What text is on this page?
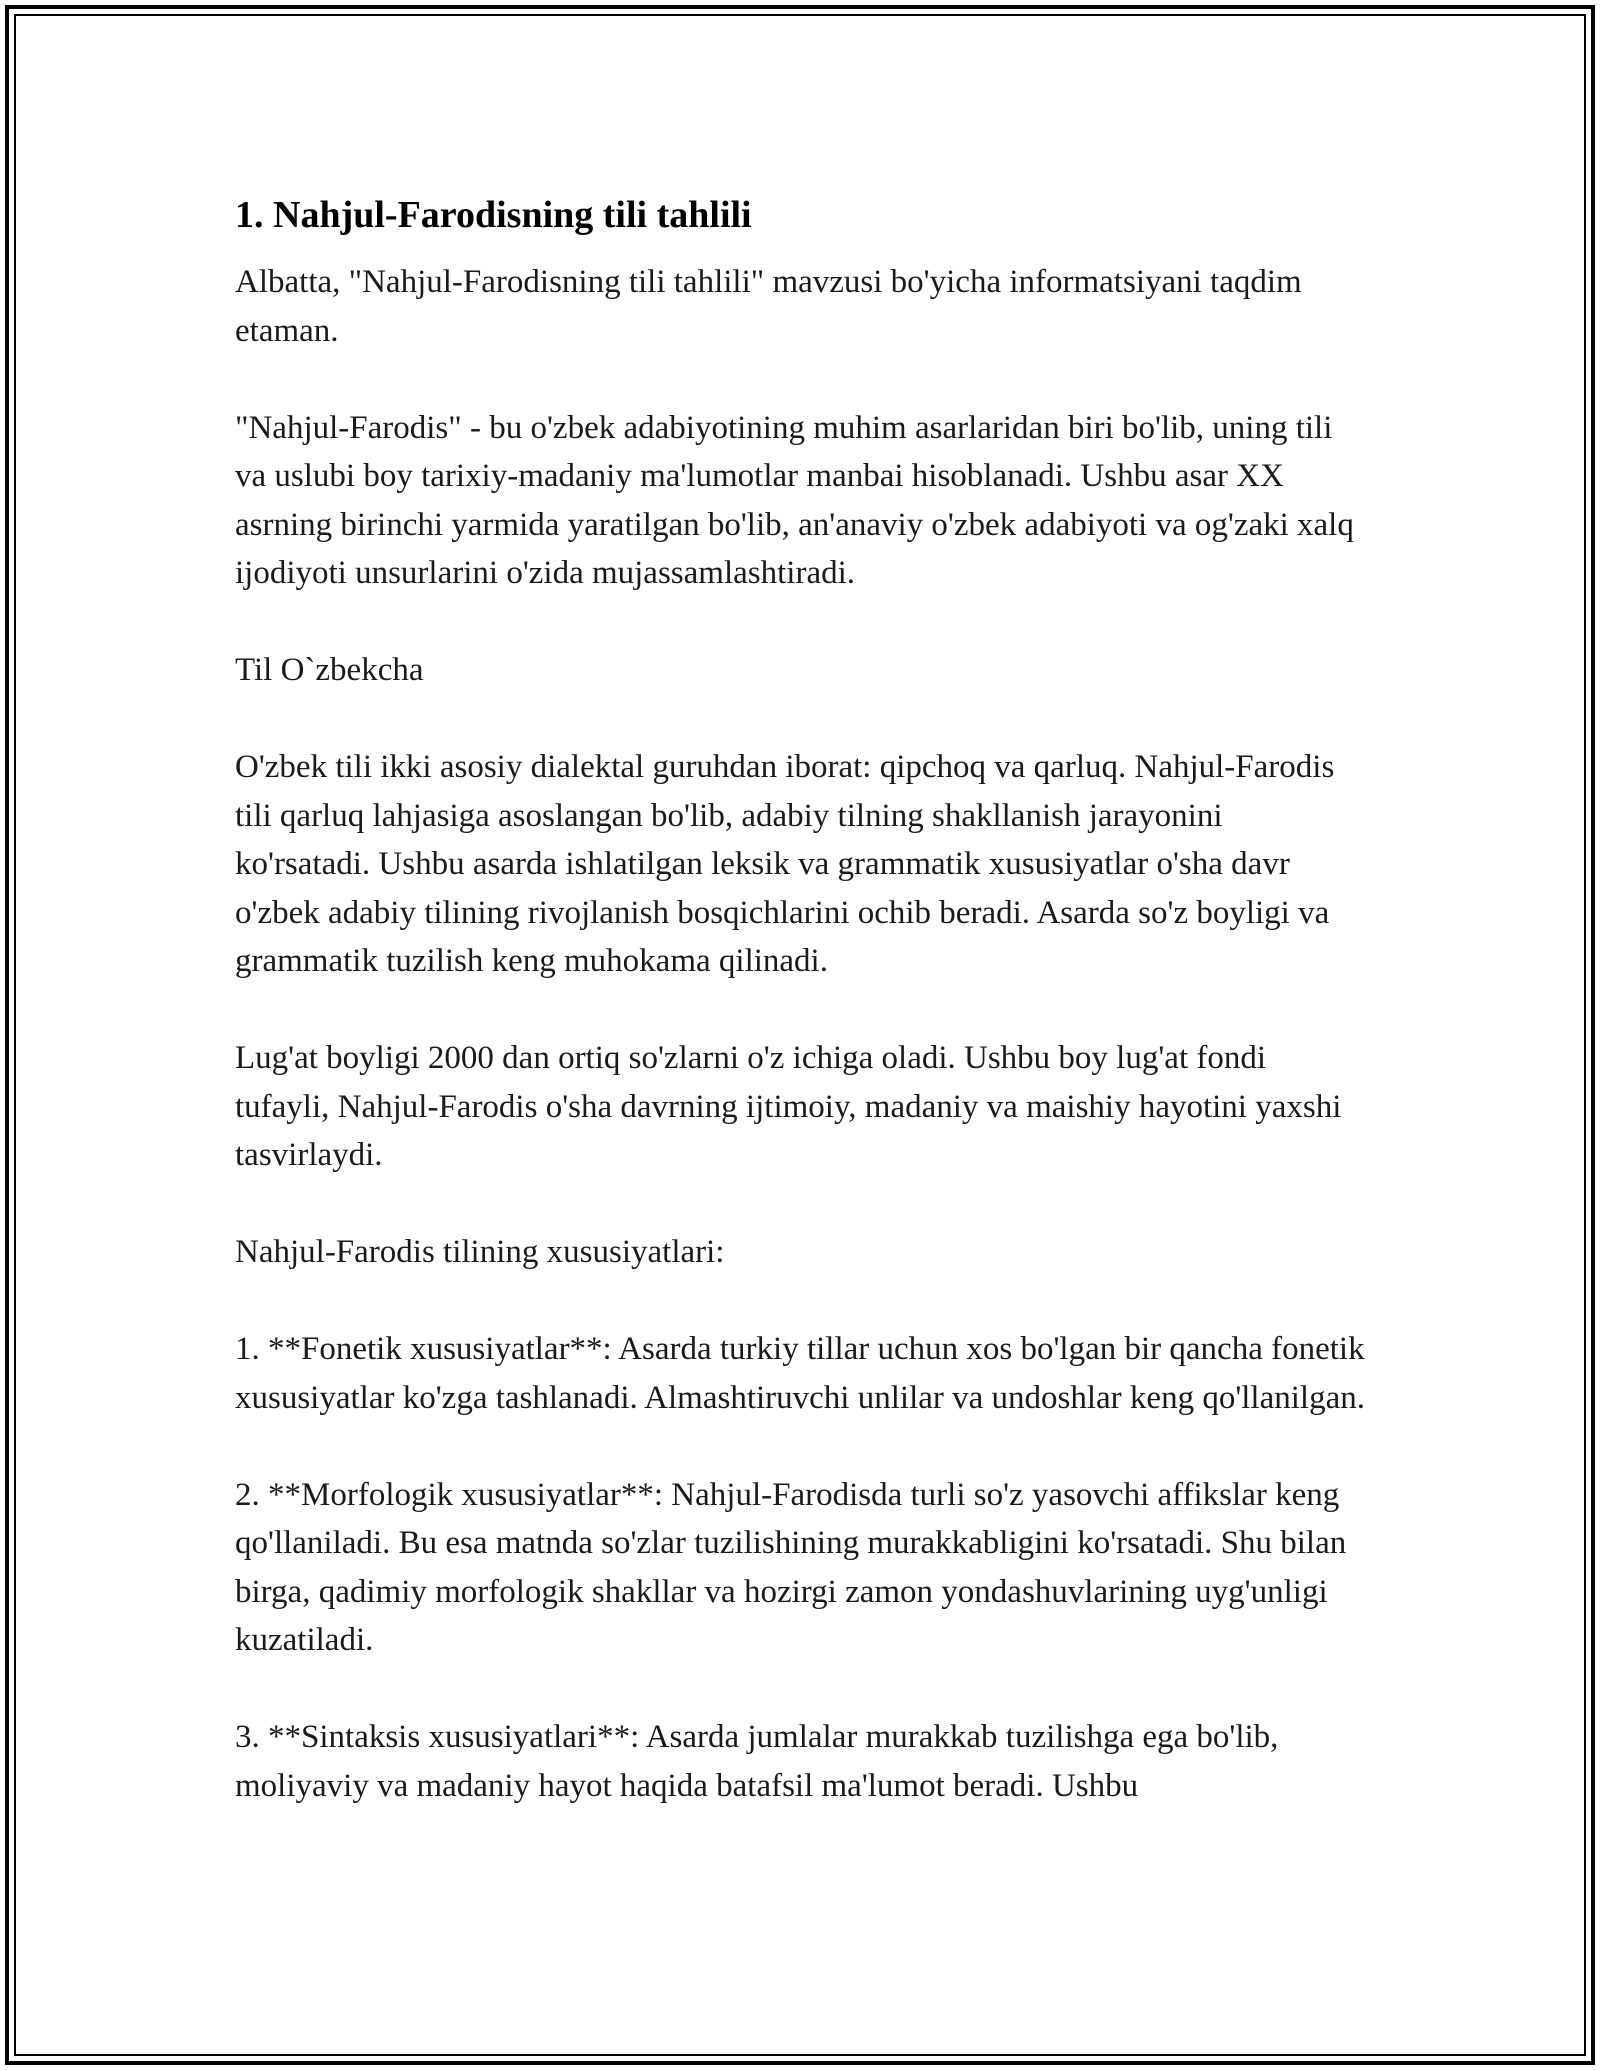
1. Nahjul-Farodisning tili tahlili

Albatta, "Nahjul-Farodisning tili tahlili" mavzusi bo'yicha informatsiyani taqdim etaman.

"Nahjul-Farodis" - bu o'zbek adabiyotining muhim asarlaridan biri bo'lib, uning tili va uslubi boy tarixiy-madaniy ma'lumotlar manbai hisoblanadi. Ushbu asar XX asrning birinchi yarmida yaratilgan bo'lib, an'anaviy o'zbek adabiyoti va og'zaki xalq ijodiyoti unsurlarini o'zida mujassamlashtiradi.

Til O`zbekcha

O'zbek tili ikki asosiy dialektal guruhdan iborat: qipchoq va qarluq. Nahjul-Farodis tili qarluq lahjasiga asoslangan bo'lib, adabiy tilning shakllanish jarayonini ko'rsatadi. Ushbu asarda ishlatilgan leksik va grammatik xususiyatlar o'sha davr o'zbek adabiy tilining rivojlanish bosqichlarini ochib beradi. Asarda so'z boyligi va grammatik tuzilish keng muhokama qilinadi.

Lug'at boyligi 2000 dan ortiq so'zlarni o'z ichiga oladi. Ushbu boy lug'at fondi tufayli, Nahjul-Farodis o'sha davrning ijtimoiy, madaniy va maishiy hayotini yaxshi tasvirlaydi.

Nahjul-Farodis tilining xususiyatlari:

1. **Fonetik xususiyatlar**: Asarda turkiy tillar uchun xos bo'lgan bir qancha fonetik xususiyatlar ko'zga tashlanadi. Almashtiruvchi unlilar va undoshlar keng qo'llanilgan.

2. **Morfologik xususiyatlar**: Nahjul-Farodisda turli so'z yasovchi affikslar keng qo'llaniladi. Bu esa matnda so'zlar tuzilishining murakkabligini ko'rsatadi. Shu bilan birga, qadimiy morfologik shakllar va hozirgi zamon yondashuvlarining uyg'unligi kuzatiladi.

3. **Sintaksis xususiyatlari**: Asarda jumlalar murakkab tuzilishga ega bo'lib, moliyaviy va madaniy hayot haqida batafsil ma'lumot beradi. Ushbu
